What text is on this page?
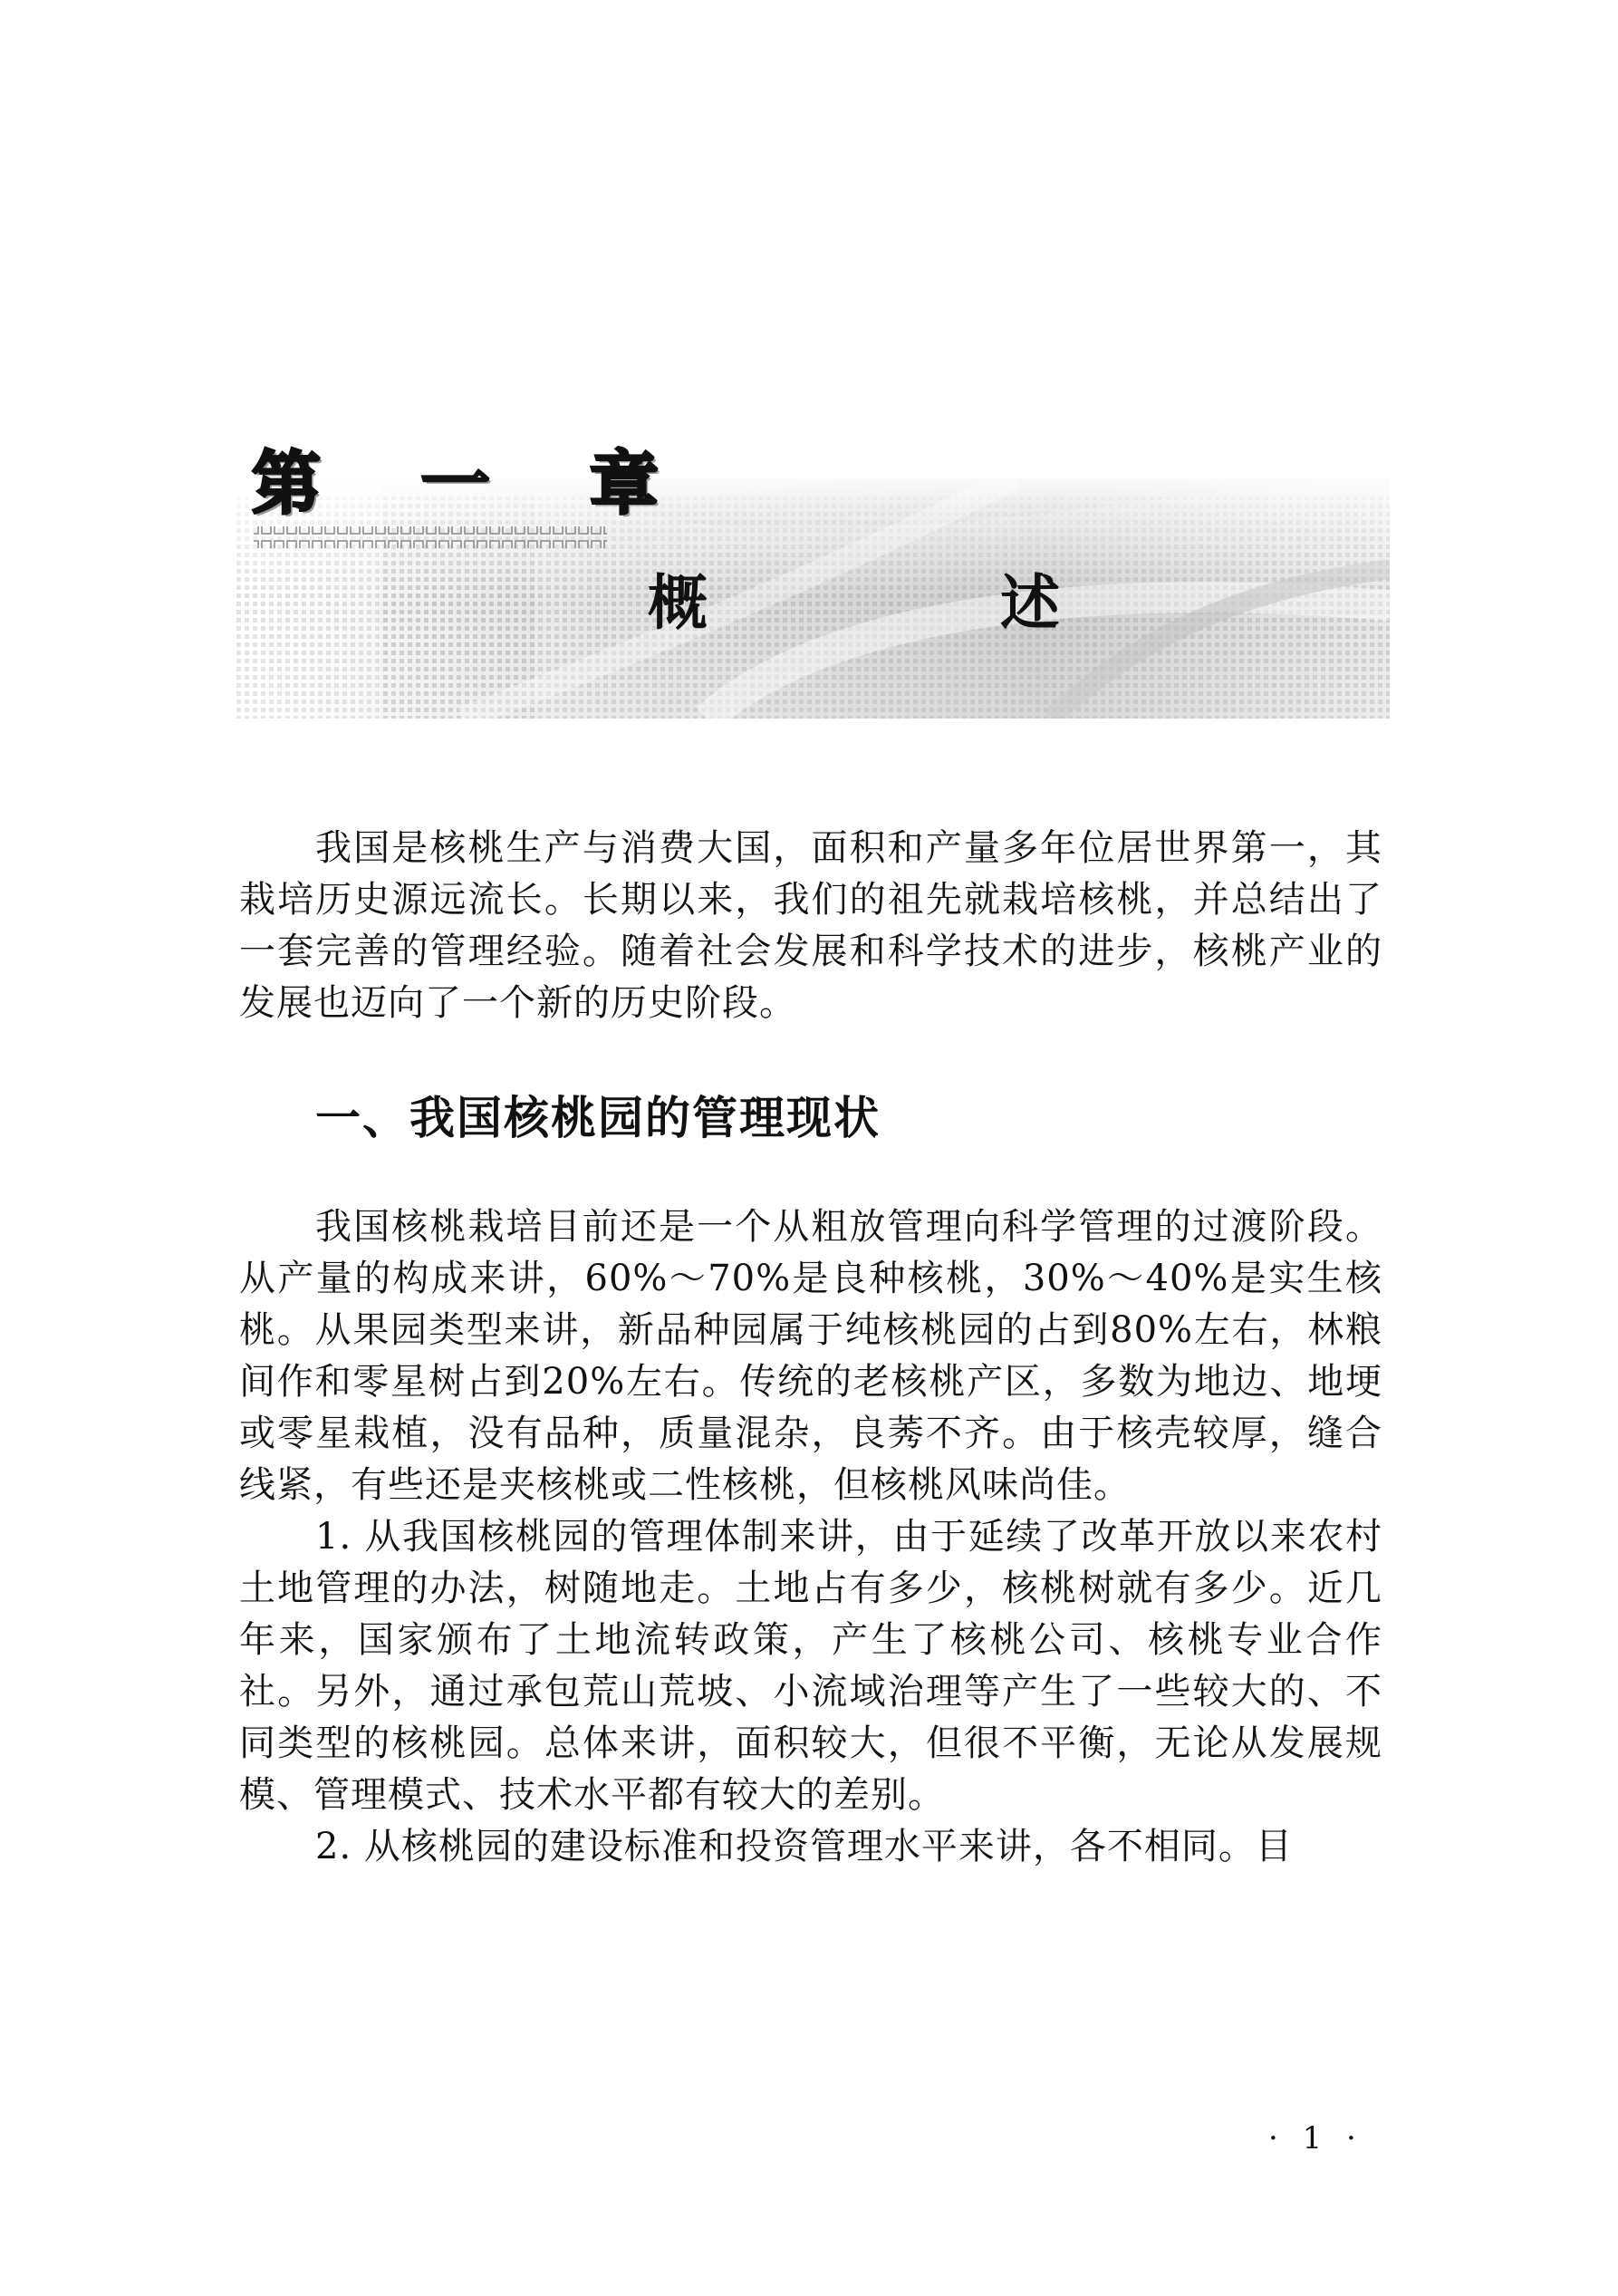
第 一 章
概 述

我国是核桃生产与消费大国，面积和产量多年位居世界第一，其栽培历史源远流长。长期以来，我们的祖先就栽培核桃，并总结出了一套完善的管理经验。随着社会发展和科学技术的进步，核桃产业的发展也迈向了一个新的历史阶段。

一、我国核桃园的管理现状

我国核桃栽培目前还是一个从粗放管理向科学管理的过渡阶段。从产量的构成来讲，60%～70%是良种核桃，30%～40%是实生核桃。从果园类型来讲，新品种园属于纯核桃园的占到80%左右，林粮间作和零星树占到20%左右。传统的老核桃产区，多数为地边、地埂或零星栽植，没有品种，质量混杂，良莠不齐。由于核壳较厚，缝合线紧，有些还是夹核桃或二性核桃，但核桃风味尚佳。

1. 从我国核桃园的管理体制来讲，由于延续了改革开放以来农村土地管理的办法，树随地走。土地占有多少，核桃树就有多少。近几年来，国家颁布了土地流转政策，产生了核桃公司、核桃专业合作社。另外，通过承包荒山荒坡、小流域治理等产生了一些较大的、不同类型的核桃园。总体来讲，面积较大，但很不平衡，无论从发展规模、管理模式、技术水平都有较大的差别。

2. 从核桃园的建设标准和投资管理水平来讲，各不相同。目

· 1 ·
